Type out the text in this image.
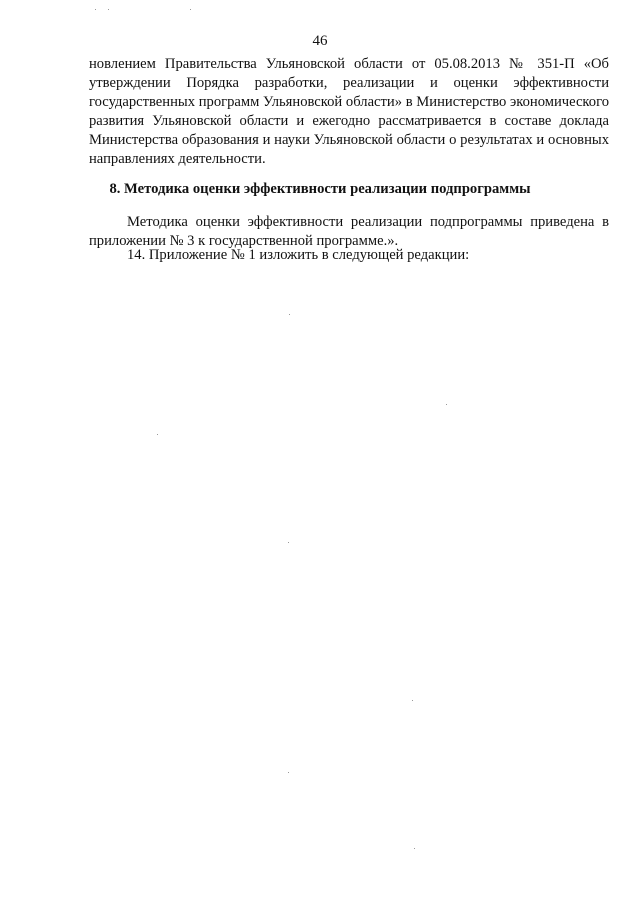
46

новлением Правительства Ульяновской области от 05.08.2013 № 351-П «Об утверждении Порядка разработки, реализации и оценки эффективности государственных программ Ульяновской области» в Министерство экономического развития Ульяновской области и ежегодно рассматривается в составе доклада Министерства образования и науки Ульяновской области о результатах и основных направлениях деятельности.

8. Методика оценки эффективности реализации подпрограммы

Методика оценки эффективности реализации подпрограммы приведена в приложении № 3 к государственной программе.».

14. Приложение № 1 изложить в следующей редакции:
